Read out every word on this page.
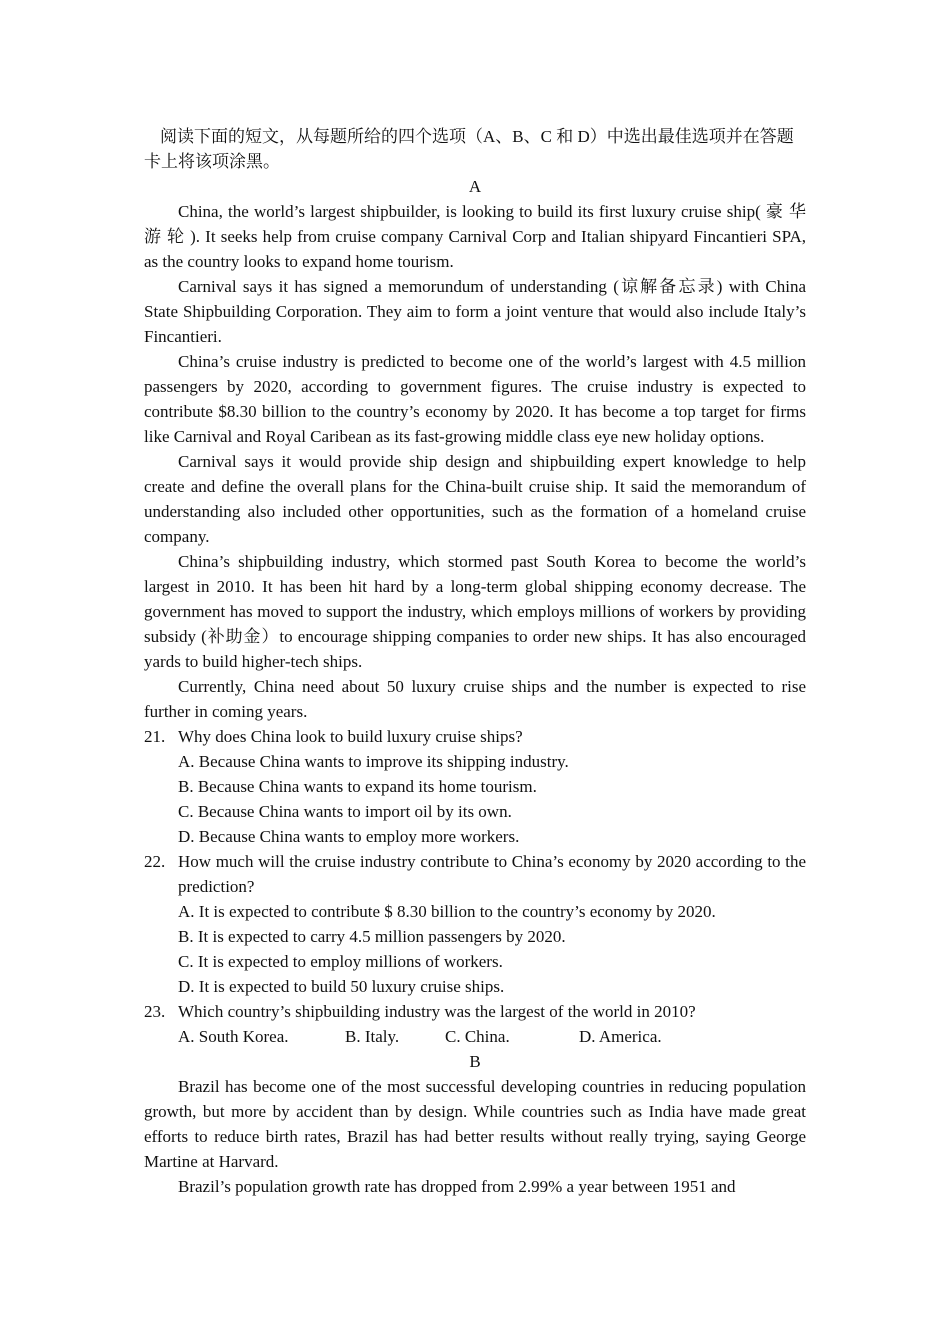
阅读下面的短文，从每题所给的四个选项（A、B、C 和 D）中选出最佳选项并在答题卡上将该项涂黑。

A

China, the world’s largest shipbuilder, is looking to build its first luxury cruise ship( 豪 华 游 轮 ). It seeks help from cruise company Carnival Corp and Italian shipyard Fincantieri SPA, as the country looks to expand home tourism.

Carnival says it has signed a memorundum of understanding (谅解备忘录) with China State Shipbuilding Corporation. They aim to form a joint venture that would also include Italy’s Fincantieri.

China’s cruise industry is predicted to become one of the world’s largest with 4.5 million passengers by 2020, according to government figures. The cruise industry is expected to contribute $8.30 billion to the country’s economy by 2020. It has become a top target for firms like Carnival and Royal Caribean as its fast-growing middle class eye new holiday options.

Carnival says it would provide ship design and shipbuilding expert knowledge to help create and define the overall plans for the China-built cruise ship. It said the memorandum of understanding also included other opportunities, such as the formation of a homeland cruise company.

China’s shipbuilding industry, which stormed past South Korea to become the world’s largest in 2010. It has been hit hard by a long-term global shipping economy decrease. The government has moved to support the industry, which employs millions of workers by providing subsidy (补助金）to encourage shipping companies to order new ships. It has also encouraged yards to build higher-tech ships.

Currently, China need about 50 luxury cruise ships and the number is expected to rise further in coming years.

21. Why does China look to build luxury cruise ships?

A. Because China wants to improve its shipping industry.

B. Because China wants to expand its home tourism.

C. Because China wants to import oil by its own.

D. Because China wants to employ more workers.

22. How much will the cruise industry contribute to China’s economy by 2020 according to the prediction?

A. It is expected to contribute $ 8.30 billion to the country’s economy by 2020.

B. It is expected to carry 4.5 million passengers by 2020.

C. It is expected to employ millions of workers.

D. It is expected to build 50 luxury cruise ships.

23. Which country’s shipbuilding industry was the largest of the world in 2010?

A. South Korea.	B. Italy.	C. China.	D. America.

B

Brazil has become one of the most successful developing countries in reducing population growth, but more by accident than by design. While countries such as India have made great efforts to reduce birth rates, Brazil has had better results without really trying, saying George Martine at Harvard.

Brazil’s population growth rate has dropped from 2.99% a year between 1951 and
